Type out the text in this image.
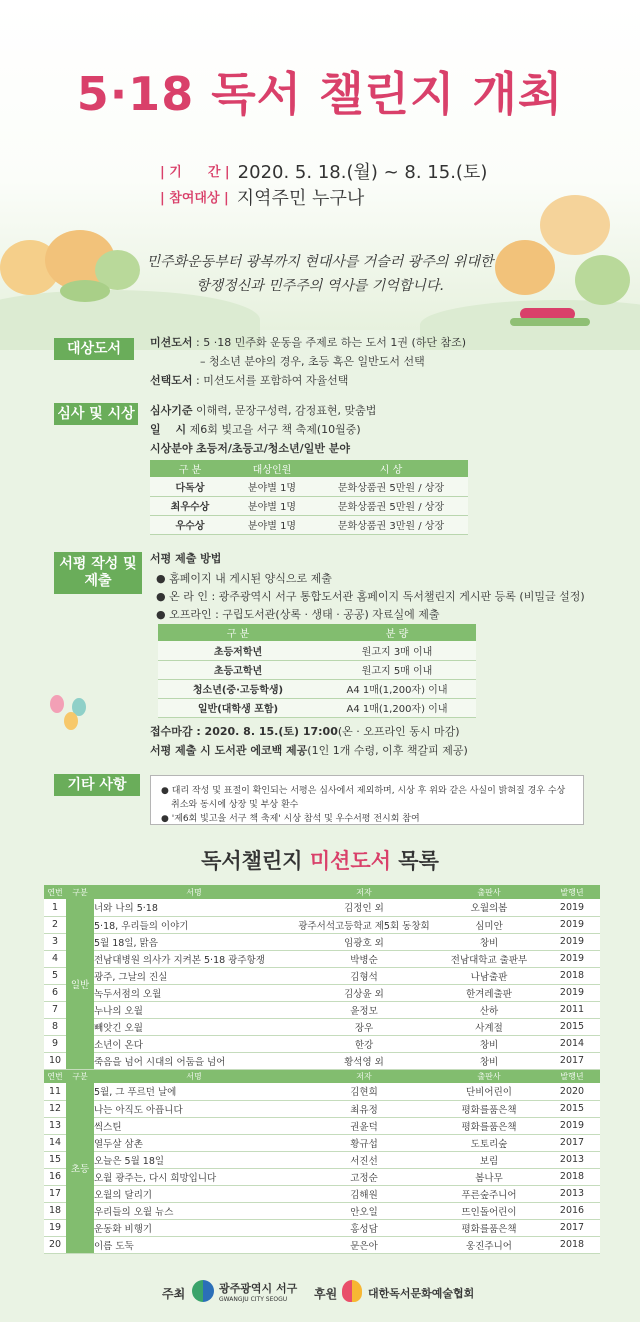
5·18 독서 챌린지 개최
| 기　　간 | 2020. 5. 18.(월) ~ 8. 15.(토)
| 참여대상 | 지역주민 누구나
민주화운동부터 광복까지 현대사를 거슬러 광주의 위대한
항쟁정신과 민주주의 역사를 기억합니다.
대상도서	미션도서 : 5 ·18 민주화 운동을 주제로 하는 도서 1권 (하단 참조)
– 청소년 분야의 경우, 초등 혹은 일반도서 선택
선택도서 : 미션도서를 포함하여 자율선택
심사 및 시상	심사기준 이해력, 문장구성력, 감정표현, 맞춤법
일　 시 제6회 빛고을 서구 책 축제(10월중)
시상분야 초등저/초등고/청소년/일반 분야
구 분	대상인원	시 상
다독상	분야별 1명	문화상품권 5만원 / 상장
최우수상	분야별 1명	문화상품권 5만원 / 상장
우수상	분야별 1명	문화상품권 3만원 / 상장
서평 작성 및
제출
서평 제출 방법
● 홈페이지 내 게시된 양식으로 제출
● 온 라 인 : 광주광역시 서구 통합도서관 홈페이지 독서챌린지 게시판 등록 (비밀글 설정)
● 오프라인 : 구립도서관(상록 · 생태 · 공공) 자료실에 제출
구 분	분 량
초등저학년	원고지 3매 이내
초등고학년	원고지 5매 이내
청소년(중·고등학생)	A4 1매(1,200자) 이내
일반(대학생 포함)	A4 1매(1,200자) 이내
접수마감 : 2020. 8. 15.(토) 17:00(온 · 오프라인 동시 마감)
서평 제출 시 도서관 에코백 제공(1인 1개 수령, 이후 책갈피 제공)
기타 사항	● 대리 작성 및 표절이 확인되는 서평은 심사에서 제외하며, 시상 후 위와 같은 사실이 밝혀질 경우 수상
취소와 동시에 상장 및 부상 환수
● '제6회 빛고을 서구 책 축제' 시상 참석 및 우수서평 전시회 참여
독서챌린지 미션도서 목록
연번	구분	서명	저자	출판사	발행년
1	일반	너와 나의 5·18	김정인 외	오월의봄	2019
2		5·18, 우리들의 이야기	광주서석고등학교 제5회 동창회	심미안	2019
3		5월 18일, 맑음	임광호 외	창비	2019
4		전남대병원 의사가 지켜본 5·18 광주항쟁	박병순	전남대학교 출판부	2019
5		광주, 그날의 진실	김형석	나남출판	2018
6		녹두서점의 오월	김상윤 외	한겨레출판	2019
7		누나의 오월	윤정모	산하	2011
8		빼앗긴 오월	장우	사계절	2015
9		소년이 온다	한강	창비	2014
10		죽음을 넘어 시대의 어둠을 넘어	황석영 외	창비	2017
연번	구분	서명	저자	출판사	발행년
11	초등	5월, 그 푸르던 날에	김현희	단비어린이	2020
12		나는 아직도 아픕니다	최유정	평화를품은책	2015
13		씩스틴	권윤덕	평화를품은책	2019
14		열두살 삼촌	황규섭	도토리숲	2017
15		오늘은 5월 18일	서진선	보림	2013
16		오월 광주는, 다시 희망입니다	고정순	봄나무	2018
17		오월의 달리기	김해원	푸른숲주니어	2013
18		우리들의 오월 뉴스	안오일	뜨인돌어린이	2016
19		운동화 비행기	홍성담	평화를품은책	2017
20		이름 도둑	문은아	웅진주니어	2018
주최	광주광역시 서구
GWANGJU CITY SEOGU 후원	대한독서문화예술협회
